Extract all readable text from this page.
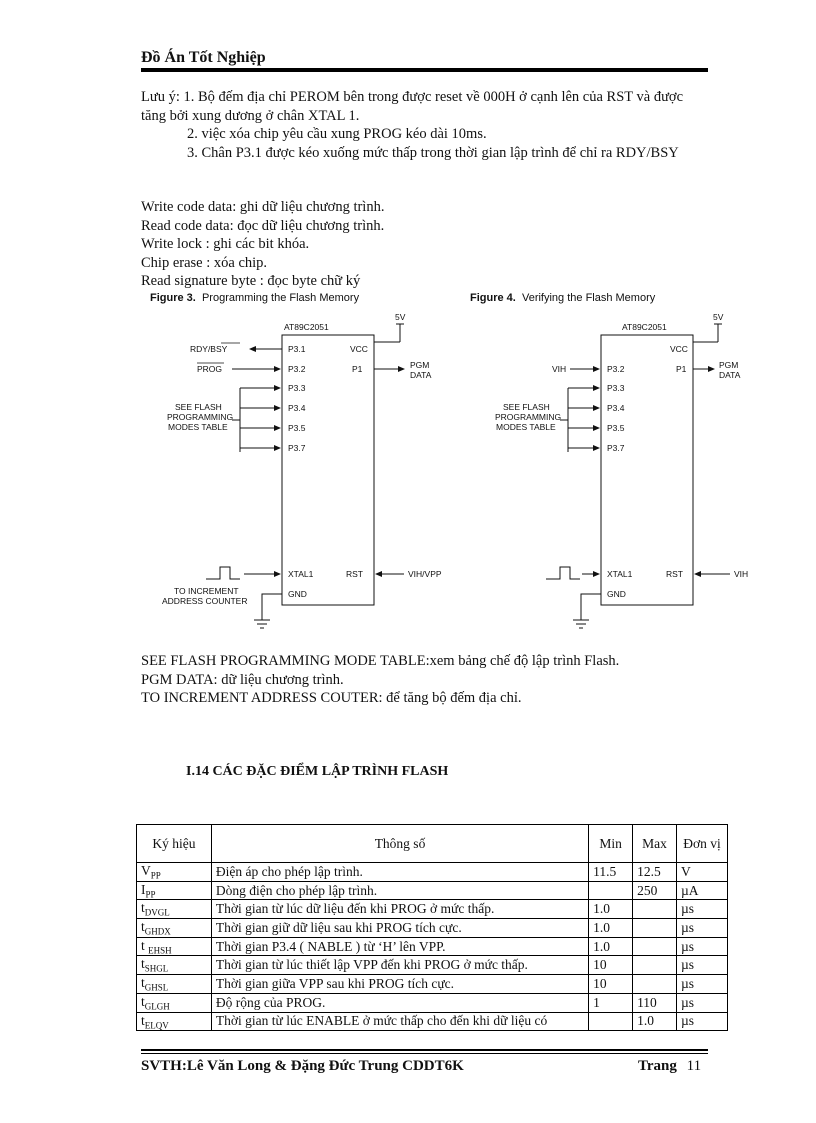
Đồ Án Tốt Nghiệp
Lưu ý: 1. Bộ đếm địa chỉ PEROM bên trong được reset về 000H ở cạnh lên của RST và được tăng bởi xung dương ở chân XTAL 1.
2. việc xóa chip yêu cầu xung PROG kéo dài 10ms.
3. Chân P3.1 được kéo xuống mức thấp trong thời gian lập trình để chỉ ra RDY/BSY
Write code data: ghi dữ liệu chương trình.
Read code data: đọc dữ liệu chương trình.
Write lock : ghi các bit khóa.
Chip erase : xóa chip.
Read signature byte : đọc byte chữ ký
Figure 3. Programming the Flash Memory	Figure 4. Verifying the Flash Memory
AT89C2051
5V
VCC
P3.1
P3.2
P3.3
P3.4
P3.5
P3.7
XTAL1
GND
P1
RST
RDY/BSY
PROG
SEE FLASH
PROGRAMMING
MODES TABLE
PGM
DATA
VIH/VPP
TO INCREMENT
ADDRESS COUNTER
AT89C2051
5V
VCC
P3.2
P3.3
P3.4
P3.5
P3.7
XTAL1
GND
P1
RST
VIH
SEE FLASH
PROGRAMMING
MODES TABLE
PGM
DATA
VIH
SEE FLASH PROGRAMMING MODE TABLE:xem bảng chế độ lập trình Flash.
PGM DATA: dữ liệu chương trình.
TO INCREMENT ADDRESS COUTER: để tăng bộ đếm địa chỉ.
I.14 CÁC ĐẶC ĐIỂM LẬP TRÌNH FLASH
Ký hiệu	Thông số	Min	Max	Đơn vị
$V_{PP}$	Điện áp cho phép lập trình.	11.5	12.5	V
$I_{PP}$	Dòng điện cho phép lập trình.		250	µA
$t_{DVGL}$	Thời gian từ lúc dữ liệu đến khi PROG ở mức thấp.	1.0		µs
$t_{GHDX}$	Thời gian giữ dữ liệu sau khi PROG tích cực.	1.0		µs
t $_{EHSH}$	Thời gian P3.4 ( NABLE ) từ ‘H’ lên VPP.	1.0		µs
$t_{SHGL}$	Thời gian từ lúc thiết lập VPP đến khi PROG ở mức thấp.	10		µs
$t_{GHSL}$	Thời gian giữa VPP sau khi PROG tích cực.	10		µs
$t_{GLGH}$	Độ rộng của PROG.	1	110	µs
$t_{ELQV}$	Thời gian từ lúc ENABLE ở mức thấp cho đến khi dữ liệu có		1.0	µs
SVTH:Lê Văn Long & Đặng Đức Trung CDDT6K	Trang 11
